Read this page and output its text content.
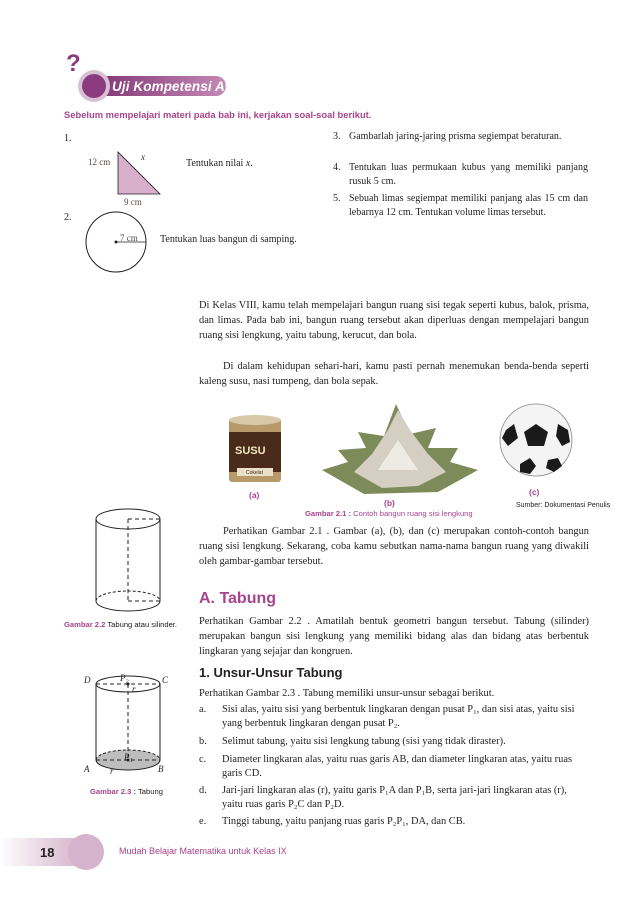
?
Uji Kompetensi Awal
Sebelum mempelajari materi pada bab ini, kerjakan soal-soal berikut.
1.
12 cm
9 cm
x
Tentukan nilai x.
2.
7 cm Tentukan luas bangun di samping.
3. Gambarlah jaring-jaring prisma segiempat beraturan.
4. Tentukan luas permukaan kubus yang memiliki panjang rusuk 5 cm.
5. Sebuah limas segiempat memiliki panjang alas 15 cm dan lebarnya 12 cm. Tentukan volume limas tersebut.
Di Kelas VIII, kamu telah mempelajari bangun ruang sisi tegak seperti kubus, balok, prisma, dan limas. Pada bab ini, bangun ruang tersebut akan diperluas dengan mempelajari bangun ruang sisi lengkung, yaitu tabung, kerucut, dan bola.
Di dalam kehidupan sehari-hari, kamu pasti pernah menemukan benda-benda seperti kaleng susu, nasi tumpeng, dan bola sepak.
SUSU
Cokelat
(a)
(b)
(c)
Gambar 2.1 : Contoh bangun ruang sisi lengkung
Sumber: Dokumentasi Penulis
Gambar 2.2 Tabung atau silinder.
Perhatikan Gambar 2.1 . Gambar (a), (b), dan (c) merupakan contoh-contoh bangun ruang sisi lengkung. Sekarang, coba kamu sebutkan nama-nama bangun ruang yang diwakili oleh gambar-gambar tersebut.
A. Tabung
Perhatikan Gambar 2.2 . Amatilah bentuk geometri bangun tersebut. Tabung (silinder) merupakan bangun sisi lengkung yang memiliki bidang alas dan bidang atas berbentuk lingkaran yang sejajar dan kongruen.
D	C
A	B
P₂
P₁
r
r
Gambar 2.3 : Tabung
1. Unsur-Unsur Tabung
Perhatikan Gambar 2.3 . Tabung memiliki unsur-unsur sebagai berikut.
a. Sisi alas, yaitu sisi yang berbentuk lingkaran dengan pusat P₁, dan sisi atas, yaitu sisi yang berbentuk lingkaran dengan pusat P₂.
b. Selimut tabung, yaitu sisi lengkung tabung (sisi yang tidak diraster).
c. Diameter lingkaran alas, yaitu ruas garis AB, dan diameter lingkaran atas, yaitu ruas garis CD.
d. Jari-jari lingkaran alas (r), yaitu garis P₁A dan P₁B, serta jari-jari lingkaran atas (r), yaitu ruas garis P₂C dan P₂D.
e. Tinggi tabung, yaitu panjang ruas garis P₂P₁, DA, dan CB.
18	Mudah Belajar Matematika untuk Kelas IX
